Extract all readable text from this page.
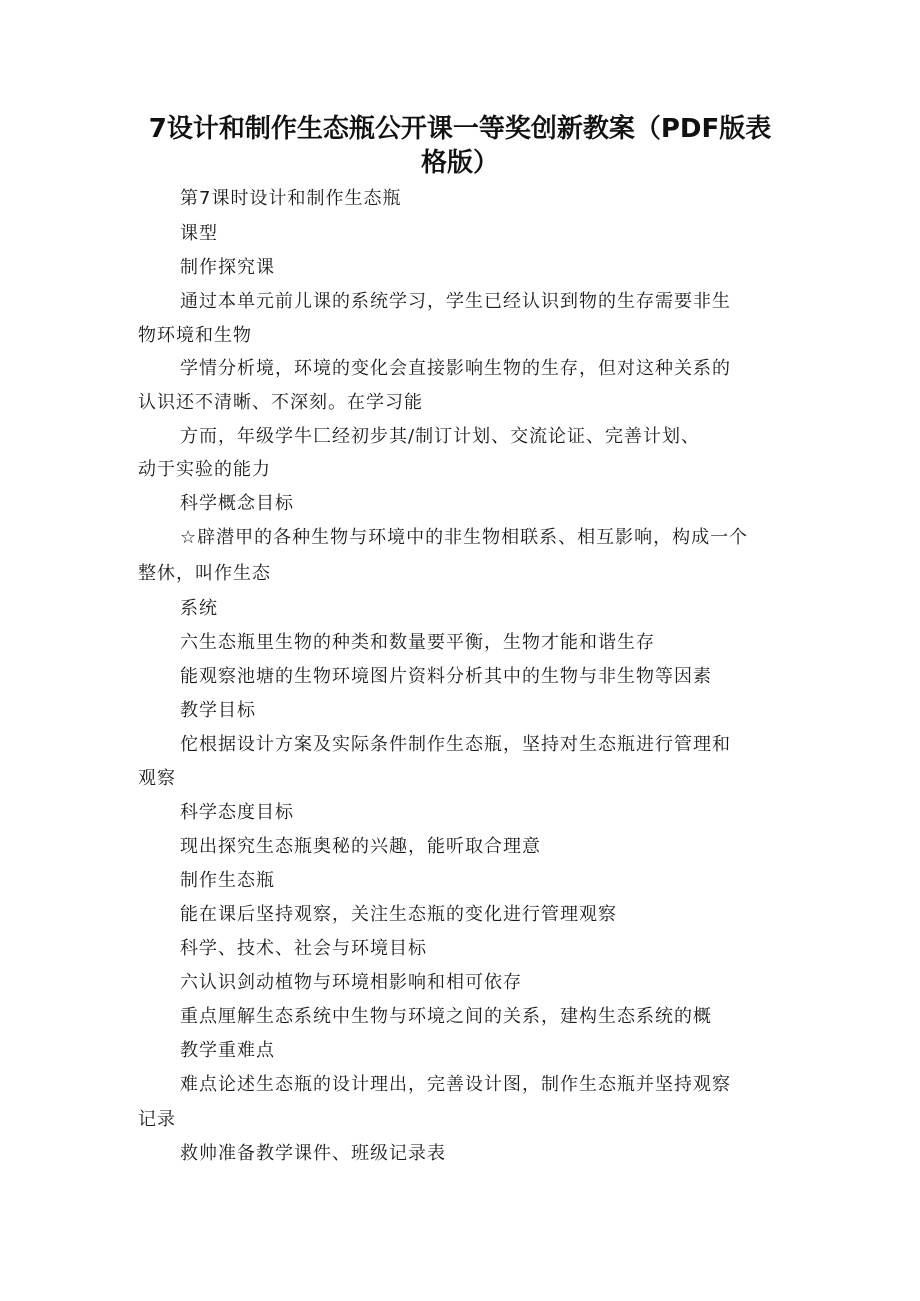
7设计和制作生态瓶公开课一等奖创新教案（PDF版表
格版）
第7课时设计和制作生态瓶
课型
制作探究课
通过本单元前儿课的系统学习，学生已经认识到物的生存需要非生
物环境和生物
学情分析境，环境的变化会直接影响生物的生存，但对这种关系的
认识还不清晰、不深刻。在学习能
方而，年级学牛匚经初步其/制订计划、交流论证、完善计划、
动于实验的能力
科学概念目标
☆辟潜甲的各种生物与环境中的非生物相联系、相互影响，构成一个
整休，叫作生态
系统
六生态瓶里生物的种类和数量要平衡，生物才能和谐生存
能观察池塘的生物环境图片资料分析其中的生物与非生物等因素
教学目标
佗根据设计方案及实际条件制作生态瓶，坚持对生态瓶进行管理和
观察
科学态度目标
现出探究生态瓶奥秘的兴趣，能听取合理意
制作生态瓶
能在课后坚持观察，关注生态瓶的变化进行管理观察
科学、技术、社会与环境目标
六认识剑动植物与环境相影响和相可依存
重点厘解生态系统中生物与环境之间的关系，建构生态系统的概
教学重难点
难点论述生态瓶的设计理出，完善设计图，制作生态瓶并坚持观察
记录
救帅准备教学课件、班级记录表
